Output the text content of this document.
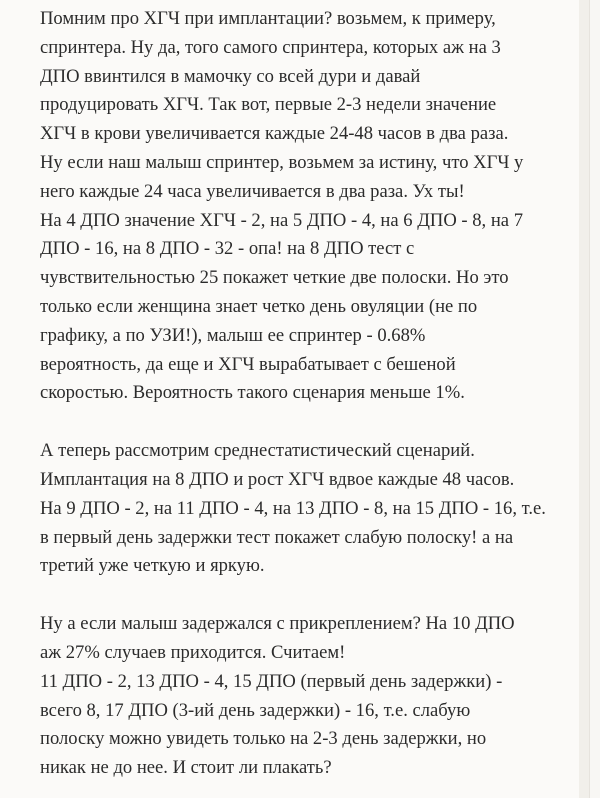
Помним про ХГЧ при имплантации? возьмем, к примеру,
спринтера. Ну да, того самого спринтера, которых аж на 3
ДПО ввинтился в мамочку со всей дури и давай
продуцировать ХГЧ. Так вот, первые 2-3 недели значение
ХГЧ в крови увеличивается каждые 24-48 часов в два раза.
Ну если наш малыш спринтер, возьмем за истину, что ХГЧ у
него каждые 24 часа увеличивается в два раза. Ух ты!
На 4 ДПО значение ХГЧ - 2, на 5 ДПО - 4, на 6 ДПО - 8, на 7
ДПО - 16, на 8 ДПО - 32 - опа! на 8 ДПО тест с
чувствительностью 25 покажет четкие две полоски. Но это
только если женщина знает четко день овуляции (не по
графику, а по УЗИ!), малыш ее спринтер - 0.68%
вероятность, да еще и ХГЧ вырабатывает с бешеной
скоростью. Вероятность такого сценария меньше 1%.

А теперь рассмотрим среднестатистический сценарий.
Имплантация на 8 ДПО и рост ХГЧ вдвое каждые 48 часов.
На 9 ДПО - 2, на 11 ДПО - 4, на 13 ДПО - 8, на 15 ДПО - 16, т.е.
в первый день задержки тест покажет слабую полоску! а на
третий уже четкую и яркую.

Ну а если малыш задержался с прикреплением? На 10 ДПО
аж 27% случаев приходится. Считаем!
11 ДПО - 2, 13 ДПО - 4, 15 ДПО (первый день задержки) -
всего 8, 17 ДПО (3-ий день задержки) - 16, т.е. слабую
полоску можно увидеть только на 2-3 день задержки, но
никак не до нее. И стоит ли плакать?
